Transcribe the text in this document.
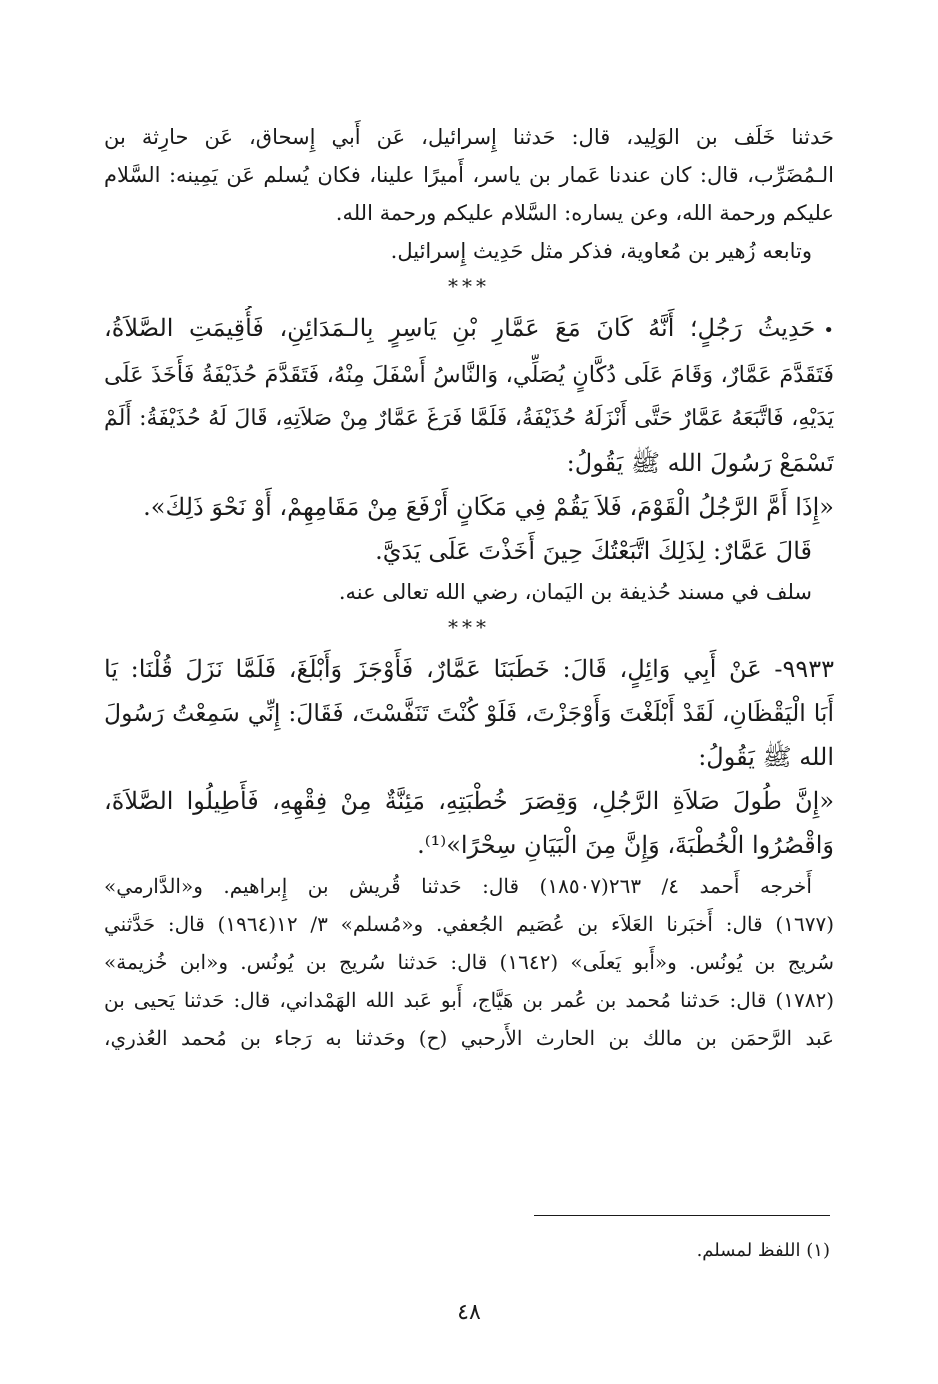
حَدثنا خَلَف بن الوَلِيد، قال: حَدثنا إِسرائيل، عَن أَبي إِسحاق، عَن حارِثة بن
الـمُضَرِّب، قال: كان عندنا عَمار بن ياسر، أَميرًا علينا، فكان يُسلم عَن يَمِينه: السَّلام
عليكم ورحمة الله، وعن يساره: السَّلام عليكم ورحمة الله.
وتابعه زُهير بن مُعاوية، فذكر مثل حَدِيث إِسرائيل.
***
•حَدِيثُ رَجُلٍ؛ أَنَّهُ كَانَ مَعَ عَمَّارِ بْنِ يَاسِرٍ بِالـمَدَائِنِ، فَأُقِيمَتِ الصَّلاَةُ،
فَتَقَدَّمَ عَمَّارٌ، وَقَامَ عَلَى دُكَّانٍ يُصَلِّي، وَالنَّاسُ أَسْفَلَ مِنْهُ، فَتَقَدَّمَ حُذَيْفَةُ فَأَخَذَ عَلَى
يَدَيْهِ، فَاتَّبَعَهُ عَمَّارٌ حَتَّى أَنْزَلَهُ حُذَيْفَةُ، فَلَمَّا فَرَغَ عَمَّارٌ مِنْ صَلاَتِهِ، قَالَ لَهُ حُذَيْفَةُ: أَلَمْ
تَسْمَعْ رَسُولَ الله ﷺ يَقُولُ:
«إِذَا أَمَّ الرَّجُلُ الْقَوْمَ، فَلاَ يَقُمْ فِي مَكَانٍ أَرْفَعَ مِنْ مَقَامِهِمْ، أَوْ نَحْوَ ذَلِكَ».
قَالَ عَمَّارٌ: لِذَلِكَ اتَّبَعْتُكَ حِينَ أَخَذْتَ عَلَى يَدَيَّ.
سلف في مسند حُذيفة بن اليَمان، رضي الله تعالى عنه.
***
٩٩٣٣- عَنْ أَبِي وَائِلٍ، قَالَ: خَطَبَنَا عَمَّارٌ، فَأَوْجَزَ وَأَبْلَغَ، فَلَمَّا نَزَلَ قُلْنَا: يَا
أَبَا الْيَقْظَانِ، لَقَدْ أَبْلَغْتَ وَأَوْجَزْتَ، فَلَوْ كُنْتَ تَنَفَّسْتَ، فَقَالَ: إِنِّي سَمِعْتُ رَسُولَ
الله ﷺ يَقُولُ:
«إِنَّ طُولَ صَلاَةِ الرَّجُلِ، وَقِصَرَ خُطْبَتِهِ، مَئِنَّةٌ مِنْ فِقْهِهِ، فَأَطِيلُوا الصَّلاَةَ،
وَاقْصُرُوا الْخُطْبَةَ، وَإِنَّ مِنَ الْبَيَانِ سِحْرًا»⁽¹⁾.
أَخرجه أَحمد ٤/ ٢٦٣(١٨٥٠٧) قال: حَدثنا قُريش بن إِبراهيم. و«الدَّارمي»
(١٦٧٧) قال: أَخبَرنا العَلاَء بن عُصَيم الجُعفي. و«مُسلم» ٣/ ١٢(١٩٦٤) قال: حَدَّثني
سُريج بن يُونُس. و«أَبو يَعلَى» (١٦٤٢) قال: حَدثنا سُريج بن يُونُس. و«ابن خُزيمة»
(١٧٨٢) قال: حَدثنا مُحمد بن عُمر بن هَيَّاج، أَبو عَبد الله الهَمْداني، قال: حَدثنا يَحيى بن
عَبد الرَّحمَن بن مالك بن الحارث الأَرحبي (ح) وحَدثنا به رَجاء بن مُحمد العُذري،
(١) اللفظ لمسلم.
٤٨
